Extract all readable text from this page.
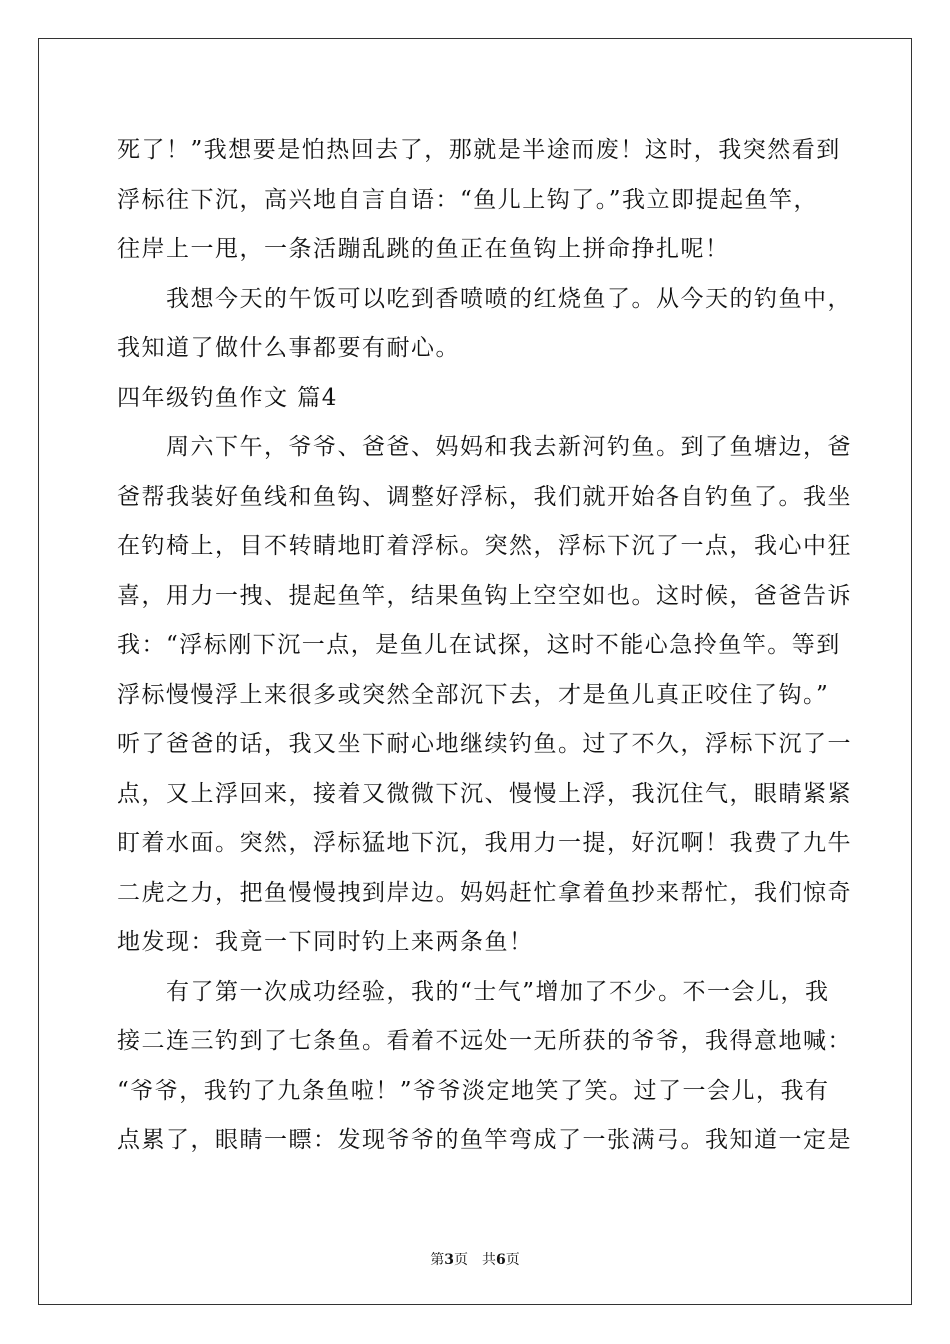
死了！”我想要是怕热回去了，那就是半途而废！这时，我突然看到
浮标往下沉，高兴地自言自语：“鱼儿上钩了。”我立即提起鱼竿，
往岸上一甩，一条活蹦乱跳的鱼正在鱼钩上拼命挣扎呢！
　　我想今天的午饭可以吃到香喷喷的红烧鱼了。从今天的钓鱼中，
我知道了做什么事都要有耐心。
四年级钓鱼作文 篇4
　　周六下午，爷爷、爸爸、妈妈和我去新河钓鱼。到了鱼塘边，爸
爸帮我装好鱼线和鱼钩、调整好浮标，我们就开始各自钓鱼了。我坐
在钓椅上，目不转睛地盯着浮标。突然，浮标下沉了一点，我心中狂
喜，用力一拽、提起鱼竿，结果鱼钩上空空如也。这时候，爸爸告诉
我：“浮标刚下沉一点，是鱼儿在试探，这时不能心急拎鱼竿。等到
浮标慢慢浮上来很多或突然全部沉下去，才是鱼儿真正咬住了钩。”
听了爸爸的话，我又坐下耐心地继续钓鱼。过了不久，浮标下沉了一
点，又上浮回来，接着又微微下沉、慢慢上浮，我沉住气，眼睛紧紧
盯着水面。突然，浮标猛地下沉，我用力一提，好沉啊！我费了九牛
二虎之力，把鱼慢慢拽到岸边。妈妈赶忙拿着鱼抄来帮忙，我们惊奇
地发现：我竟一下同时钓上来两条鱼！
　　有了第一次成功经验，我的“士气”增加了不少。不一会儿，我
接二连三钓到了七条鱼。看着不远处一无所获的爷爷，我得意地喊：
“爷爷，我钓了九条鱼啦！”爷爷淡定地笑了笑。过了一会儿，我有
点累了，眼睛一瞟：发现爷爷的鱼竿弯成了一张满弓。我知道一定是
第3页 共6页
